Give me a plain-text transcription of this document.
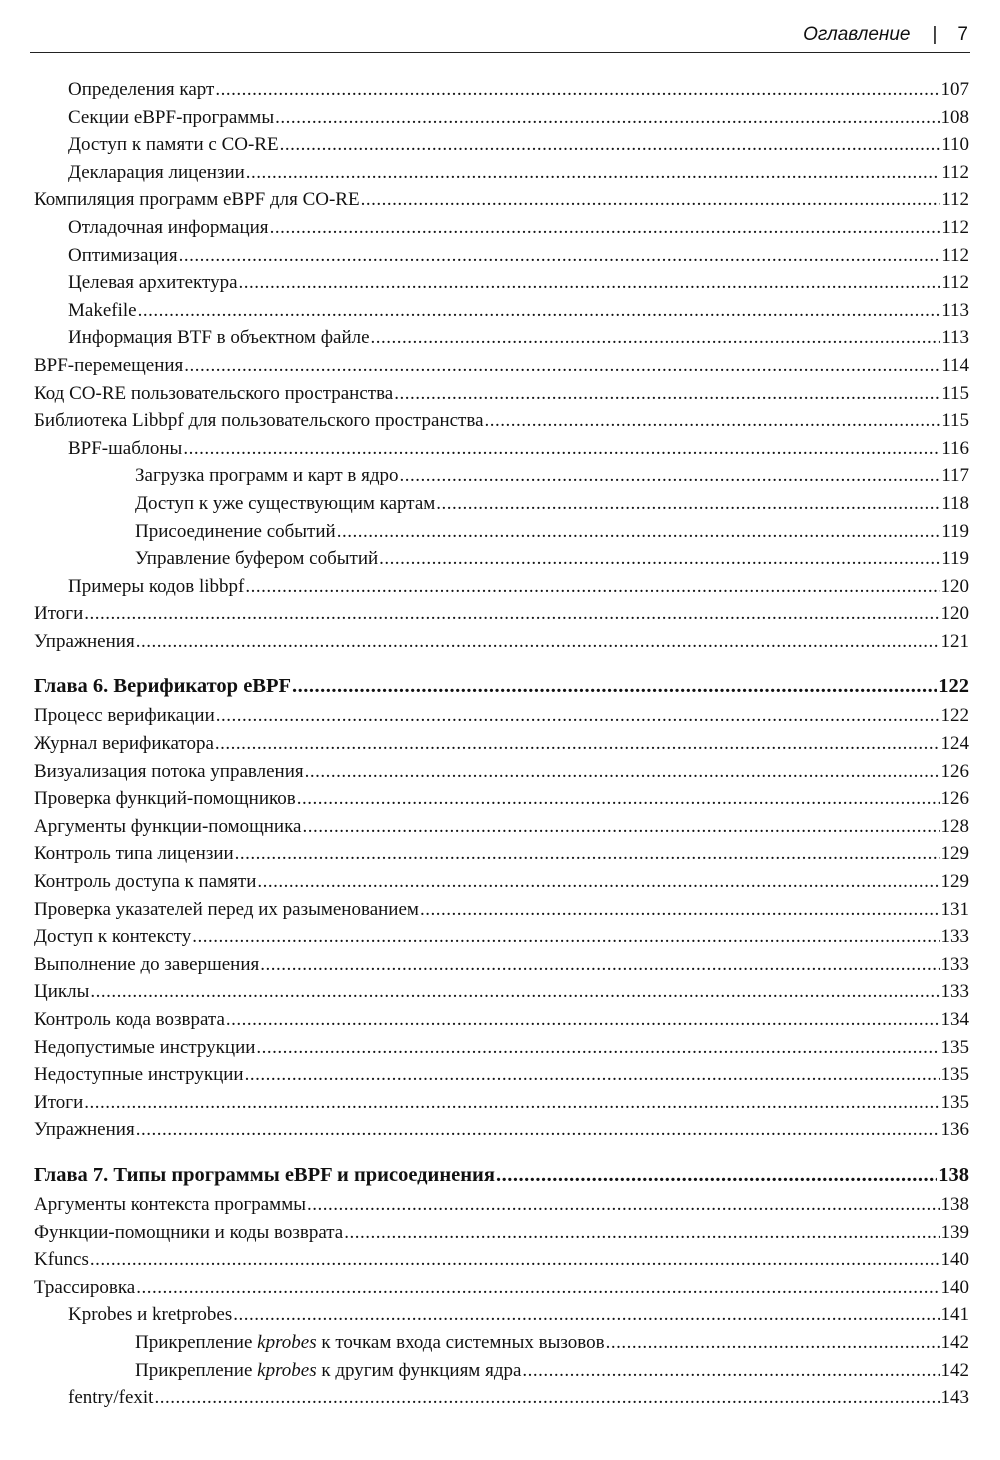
Оглавление | 7
Определения карт .....	107
Секции eBPF-программы .....	108
Доступ к памяти с CO-RE .....	110
Декларация лицензии .....	112
Компиляция программ eBPF для CO-RE .....	112
Отладочная информация .....	112
Оптимизация .....	112
Целевая архитектура .....	112
Makefile .....	113
Информация BTF в объектном файле .....	113
BPF-перемещения .....	114
Код CO-RE пользовательского пространства .....	115
Библиотека Libbpf для пользовательского пространства .....	115
BPF-шаблоны .....	116
Загрузка программ и карт в ядро .....	117
Доступ к уже существующим картам .....	118
Присоединение событий .....	119
Управление буфером событий .....	119
Примеры кодов libbpf .....	120
Итоги .....	120
Упражнения .....	121
Глава 6. Верификатор eBPF .....	122
Процесс верификации .....	122
Журнал верификатора .....	124
Визуализация потока управления .....	126
Проверка функций-помощников .....	126
Аргументы функции-помощника .....	128
Контроль типа лицензии .....	129
Контроль доступа к памяти .....	129
Проверка указателей перед их разыменованием .....	131
Доступ к контексту .....	133
Выполнение до завершения .....	133
Циклы .....	133
Контроль кода возврата .....	134
Недопустимые инструкции .....	135
Недоступные инструкции .....	135
Итоги .....	135
Упражнения .....	136
Глава 7. Типы программы eBPF и присоединения .....	138
Аргументы контекста программы .....	138
Функции-помощники и коды возврата .....	139
Kfuncs .....	140
Трассировка .....	140
Kprobes и kretprobes .....	141
Прикрепление kprobes к точкам входа системных вызовов .....	142
Прикрепление kprobes к другим функциям ядра .....	142
fentry/fexit .....	143
